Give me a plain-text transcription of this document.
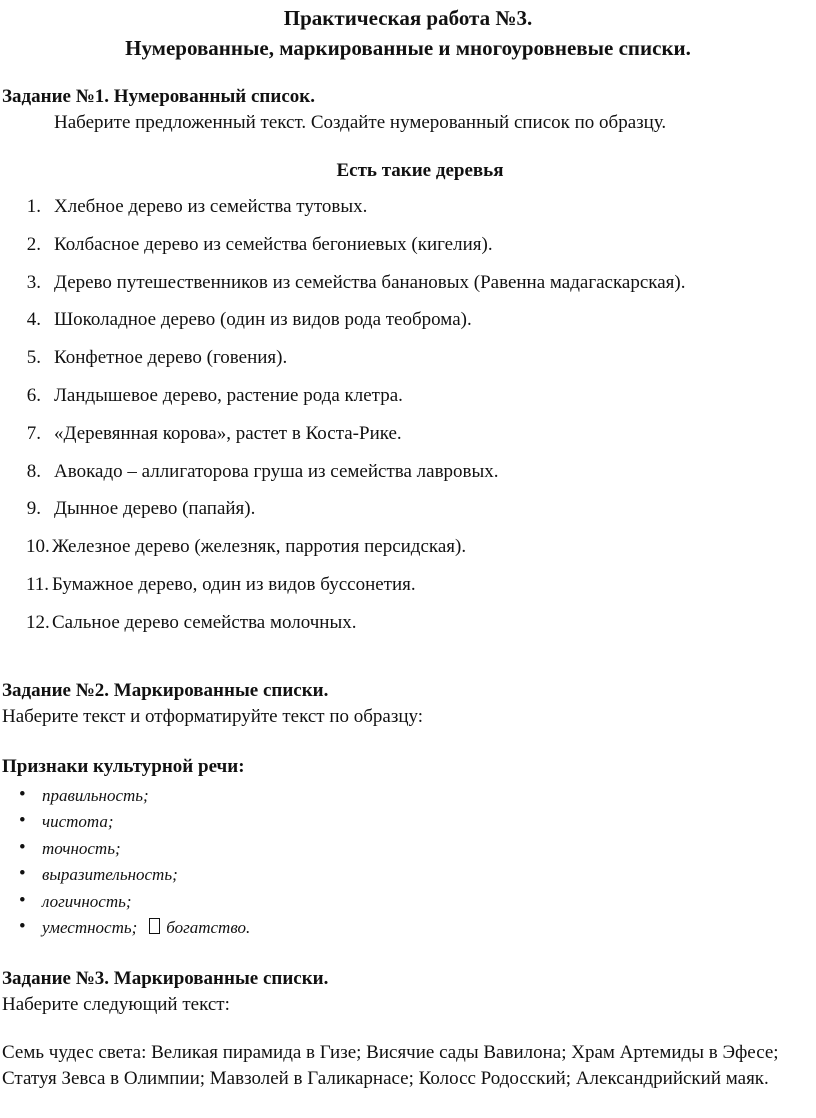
Практическая работа №3.
Нумерованные, маркированные и многоуровневые списки.
Задание №1. Нумерованный список.
Наберите предложенный текст. Создайте нумерованный список по образцу.
Есть такие деревья
1. Хлебное дерево из семейства тутовых.
2. Колбасное дерево из семейства бегониевых (кигелия).
3. Дерево путешественников из семейства банановых (Равенна мадагаскарская).
4. Шоколадное дерево (один из видов рода теоброма).
5. Конфетное дерево (говения).
6. Ландышевое дерево, растение рода клетра.
7. «Деревянная корова», растет в Коста-Рике.
8. Авокадо – аллигаторова груша из семейства лавровых.
9. Дынное дерево (папайя).
10. Железное дерево (железняк, парротия персидская).
11. Бумажное дерево, один из видов буссонетия.
12. Сальное дерево семейства молочных.
Задание №2. Маркированные списки.
Наберите текст и отформатируйте текст по образцу:
Признаки культурной речи:
• правильность;
• чистота;
• точность;
• выразительность;
• логичность;
• уместность; богатство.
Задание №3. Маркированные списки.
Наберите следующий текст:
Семь чудес света: Великая пирамида в Гизе; Висячие сады Вавилона; Храм Артемиды в Эфесе; Статуя Зевса в Олимпии; Мавзолей в Галикарнасе; Колосс Родосский; Александрийский маяк.
